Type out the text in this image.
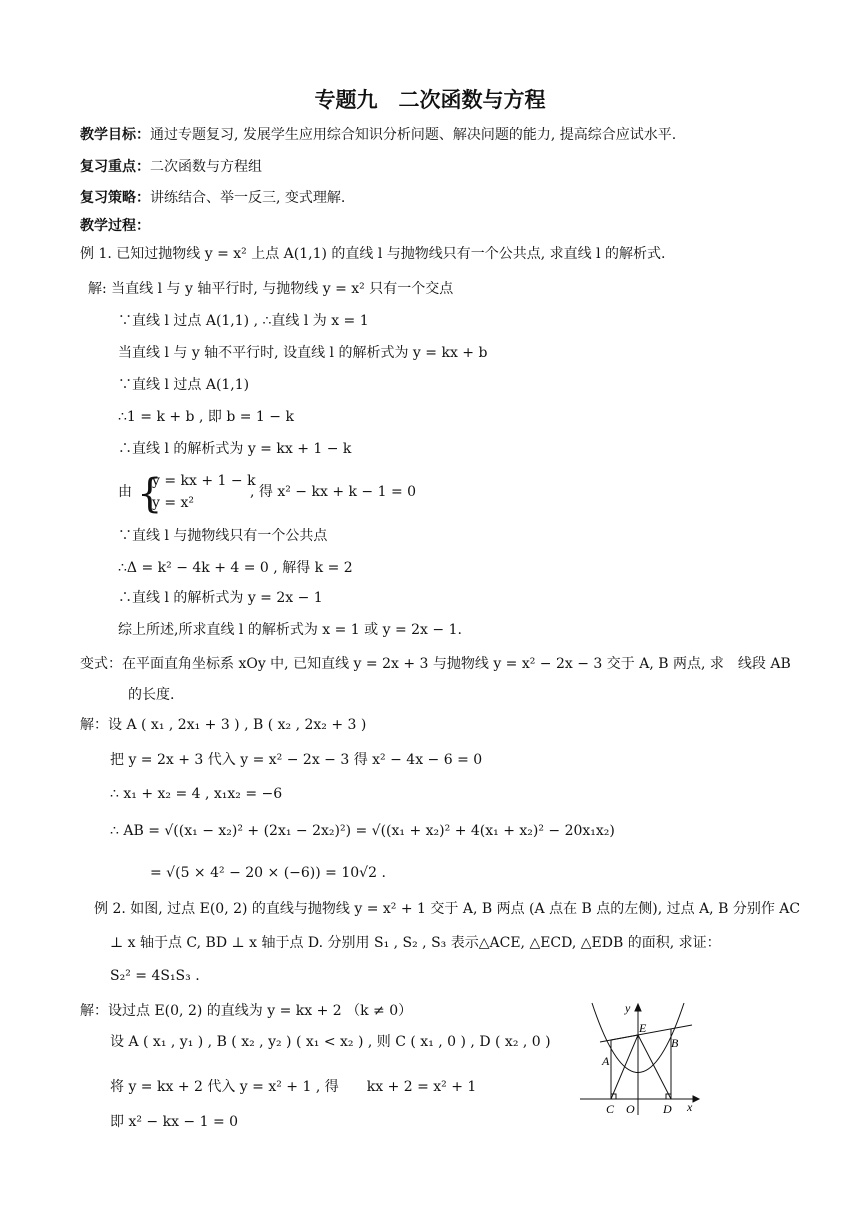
专题九　二次函数与方程
教学目标：通过专题复习, 发展学生应用综合知识分析问题、解决问题的能力, 提高综合应试水平.
复习重点：二次函数与方程组
复习策略：讲练结合、举一反三, 变式理解.
教学过程：
例 1. 已知过抛物线 y = x² 上点 A(1,1) 的直线 l 与抛物线只有一个公共点, 求直线 l 的解析式.
解: 当直线 l 与 y 轴平行时, 与抛物线 y = x² 只有一个交点
∵直线 l 过点 A(1,1) , ∴直线 l 为 x = 1
当直线 l 与 y 轴不平行时, 设直线 l 的解析式为 y = kx + b
∵直线 l 过点 A(1,1)
∴1 = k + b , 即 b = 1 − k
∴直线 l 的解析式为 y = kx + 1 − k
由 {
y = kx + 1 − k
y = x²
, 得 x² − kx + k − 1 = 0
∵直线 l 与抛物线只有一个公共点
∴Δ = k² − 4k + 4 = 0 , 解得 k = 2
∴直线 l 的解析式为 y = 2x − 1
综上所述,所求直线 l 的解析式为 x = 1 或 y = 2x − 1.
变式：在平面直角坐标系 xOy 中, 已知直线 y = 2x + 3 与抛物线 y = x² − 2x − 3 交于 A, B 两点, 求　线段 AB
的长度.
解：设 A ( x₁ , 2x₁ + 3 ) , B ( x₂ , 2x₂ + 3 )
把 y = 2x + 3 代入 y = x² − 2x − 3 得 x² − 4x − 6 = 0
∴ x₁ + x₂ = 4 , x₁x₂ = −6
∴ AB = √((x₁ − x₂)² + (2x₁ − 2x₂)²) = √((x₁ + x₂)² + 4(x₁ + x₂)² − 20x₁x₂)
= √(5 × 4² − 20 × (−6)) = 10√2 .
例 2. 如图, 过点 E(0, 2) 的直线与抛物线 y = x² + 1 交于 A, B 两点 (A 点在 B 点的左侧), 过点 A, B 分别作 AC
⊥ x 轴于点 C, BD ⊥ x 轴于点 D. 分别用 S₁ , S₂ , S₃ 表示△ACE, △ECD, △EDB 的面积, 求证：
S₂² = 4S₁S₃ .
解：设过点 E(0, 2) 的直线为 y = kx + 2 （k ≠ 0）
设 A ( x₁ , y₁ ) , B ( x₂ , y₂ ) ( x₁ < x₂ ) , 则 C ( x₁ , 0 ) , D ( x₂ , 0 )
将 y = kx + 2 代入 y = x² + 1 , 得　　kx + 2 = x² + 1
即 x² − kx − 1 = 0
y
E
A
B
C O D x
